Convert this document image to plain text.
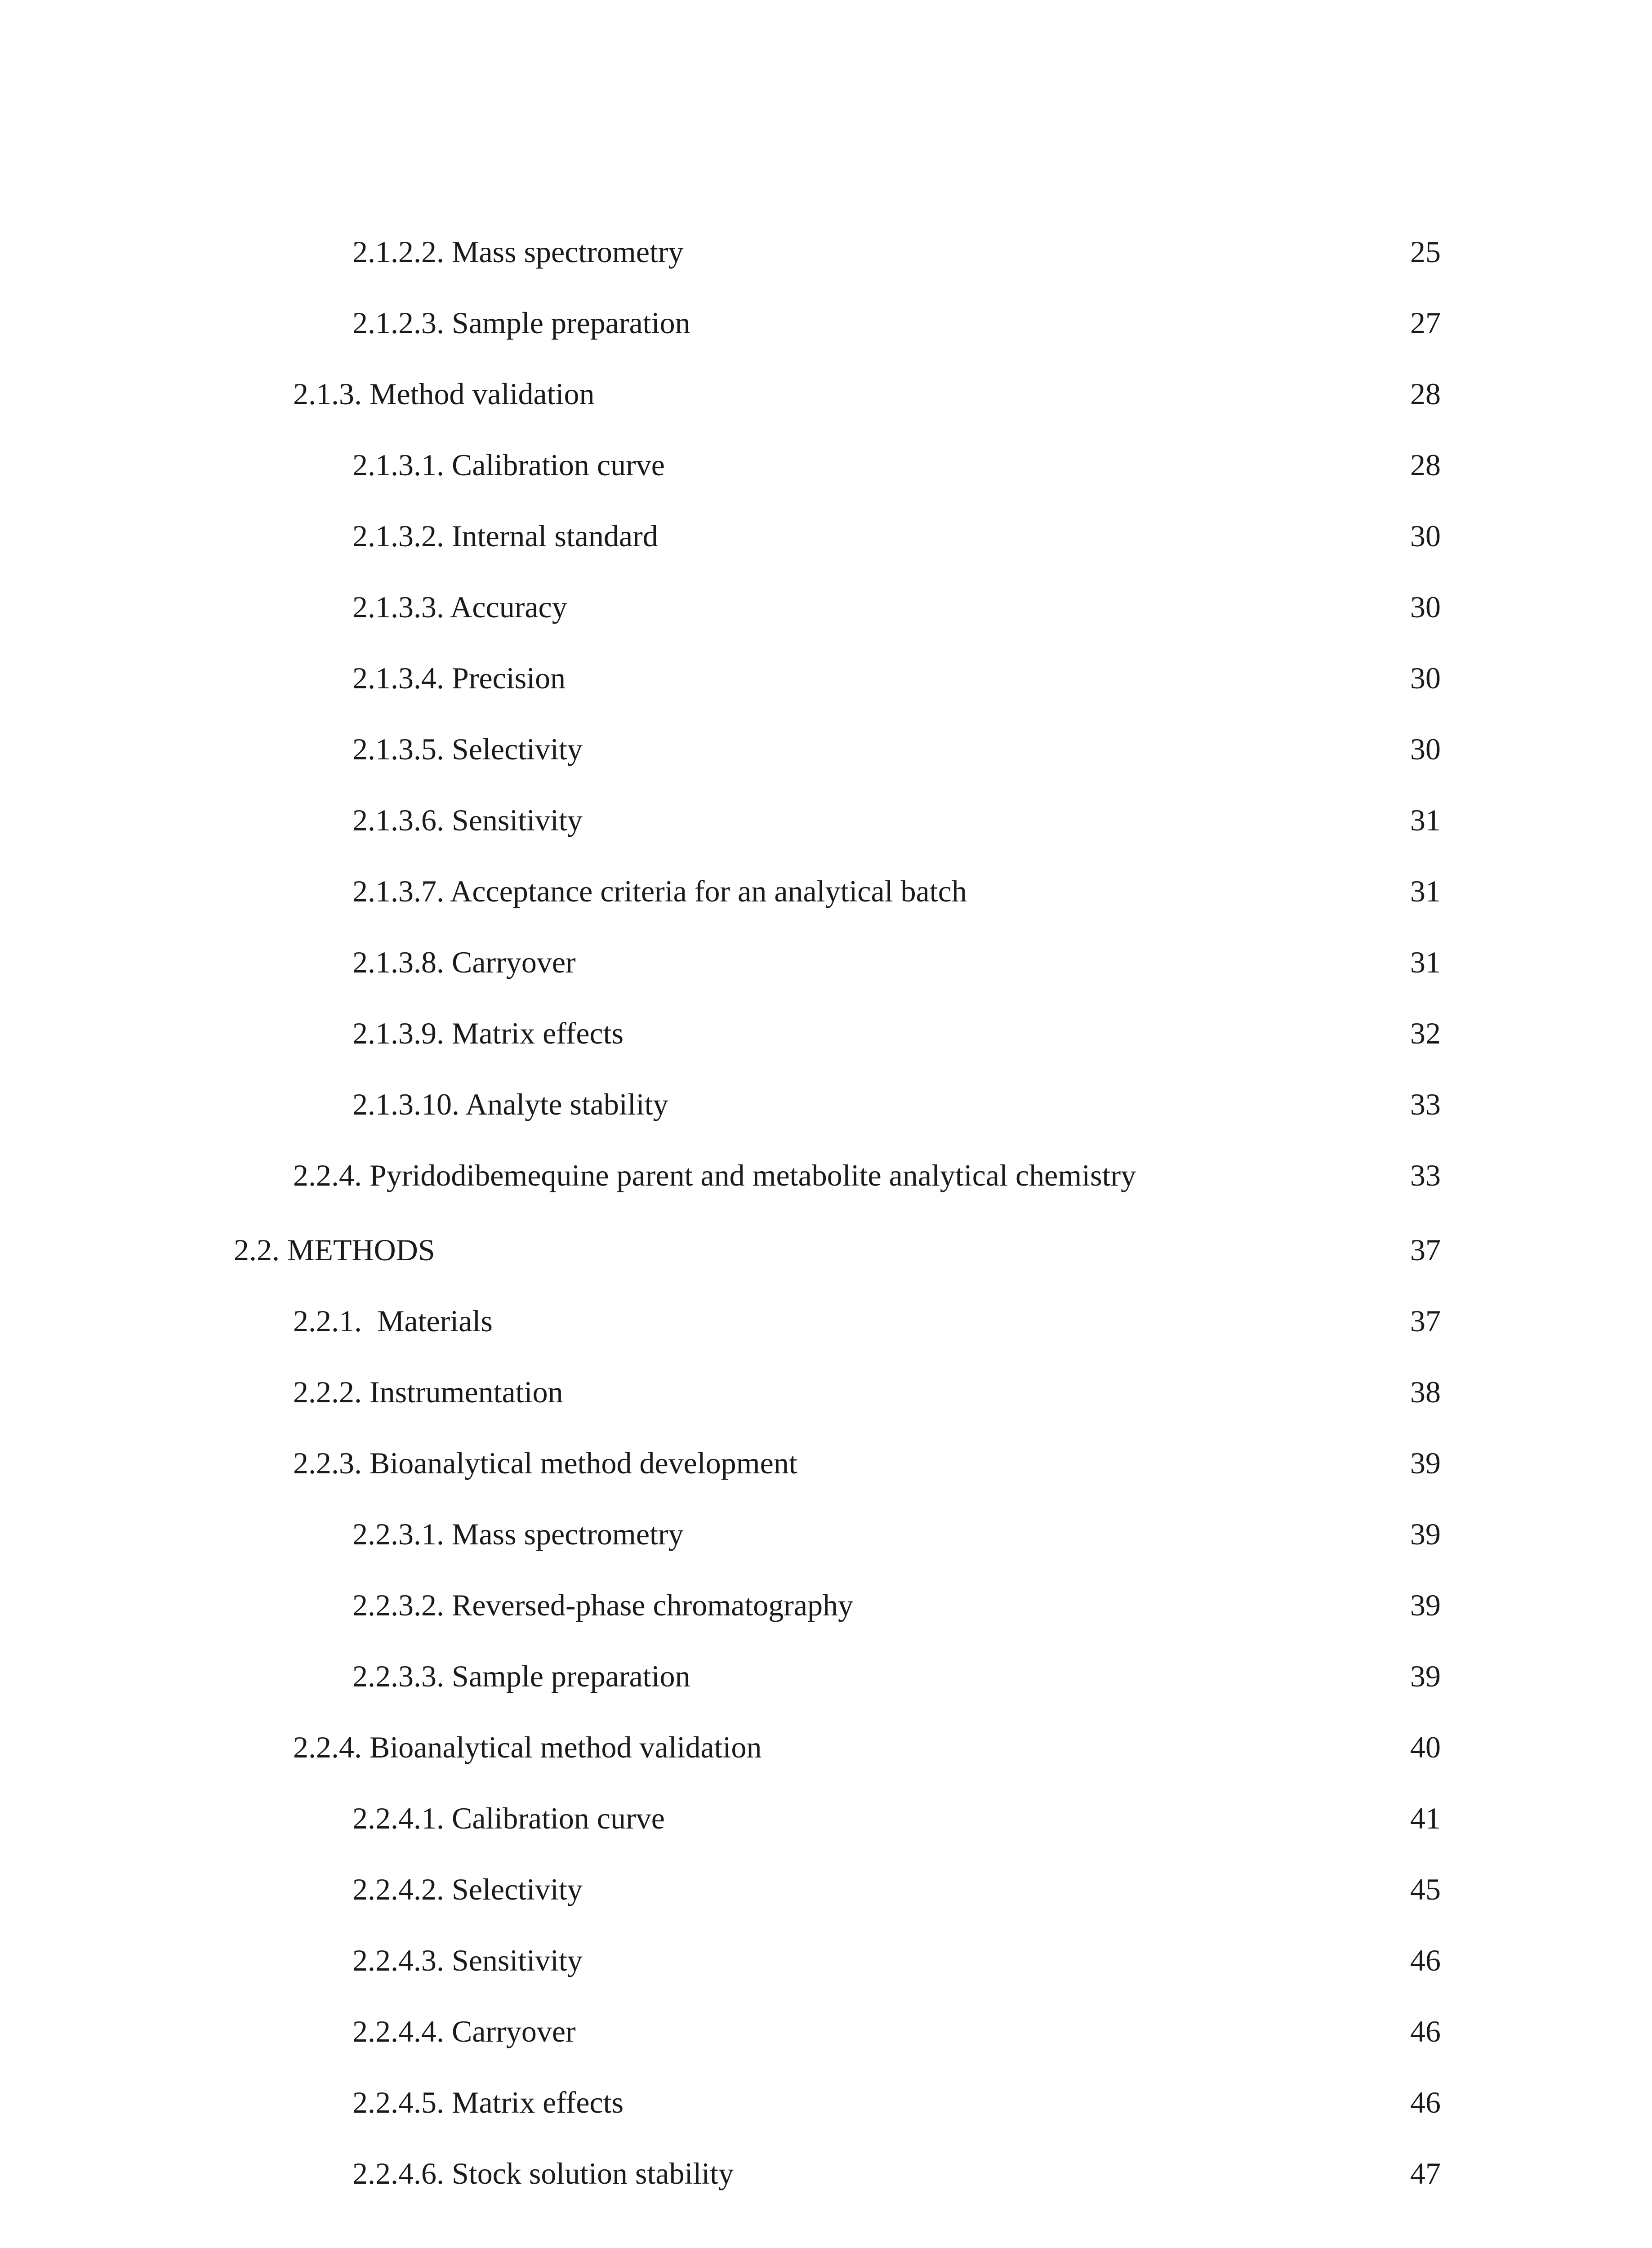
2.1.2.2. Mass spectrometry	25
2.1.2.3. Sample preparation	27
2.1.3. Method validation	28
2.1.3.1. Calibration curve	28
2.1.3.2. Internal standard	30
2.1.3.3. Accuracy	30
2.1.3.4. Precision	30
2.1.3.5. Selectivity	30
2.1.3.6. Sensitivity	31
2.1.3.7. Acceptance criteria for an analytical batch	31
2.1.3.8. Carryover	31
2.1.3.9. Matrix effects	32
2.1.3.10. Analyte stability	33
2.2.4. Pyridodibemequine parent and metabolite analytical chemistry	33
2.2. METHODS	37
2.2.1.  Materials	37
2.2.2. Instrumentation	38
2.2.3. Bioanalytical method development	39
2.2.3.1. Mass spectrometry	39
2.2.3.2. Reversed-phase chromatography	39
2.2.3.3. Sample preparation	39
2.2.4. Bioanalytical method validation	40
2.2.4.1. Calibration curve	41
2.2.4.2. Selectivity	45
2.2.4.3. Sensitivity	46
2.2.4.4. Carryover	46
2.2.4.5. Matrix effects	46
2.2.4.6. Stock solution stability	47
